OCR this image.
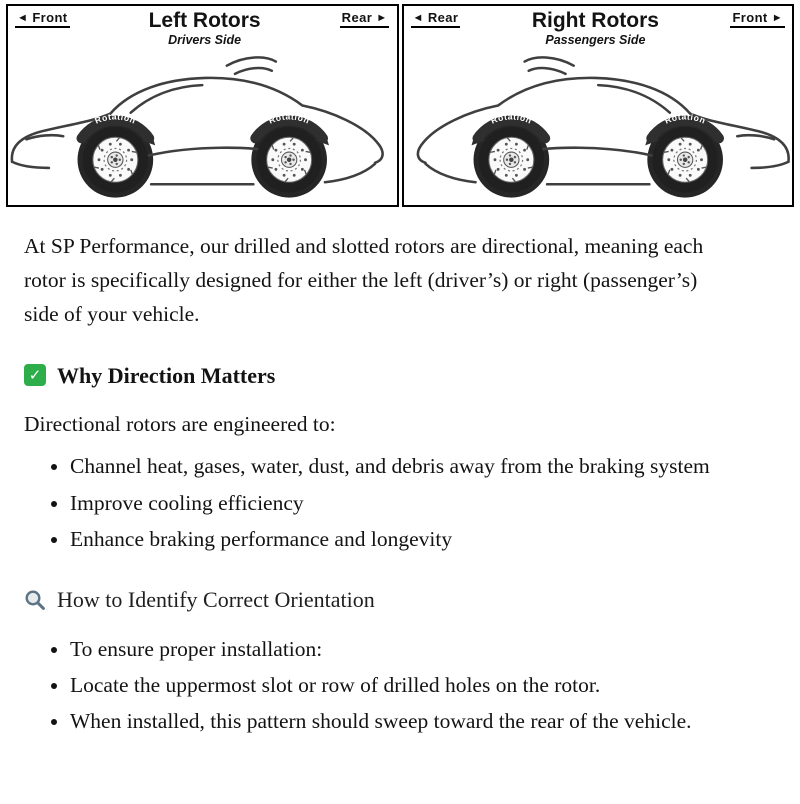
◄ Front	Left Rotors
Drivers Side
Rear ►
Rotation	Rotation
◄ Rear	Right Rotors
Passengers Side
Front ►
Rotation	Rotation

At SP Performance, our drilled and slotted rotors are directional, meaning each rotor is specifically designed for either the left (driver’s) or right (passenger’s) side of your vehicle.

✓ Why Direction Matters

Directional rotors are engineered to:

• Channel heat, gases, water, dust, and debris away from the braking system
• Improve cooling efficiency
• Enhance braking performance and longevity
How to Identify Correct Orientation
• To ensure proper installation:
• Locate the uppermost slot or row of drilled holes on the rotor.
• When installed, this pattern should sweep toward the rear of the vehicle.
